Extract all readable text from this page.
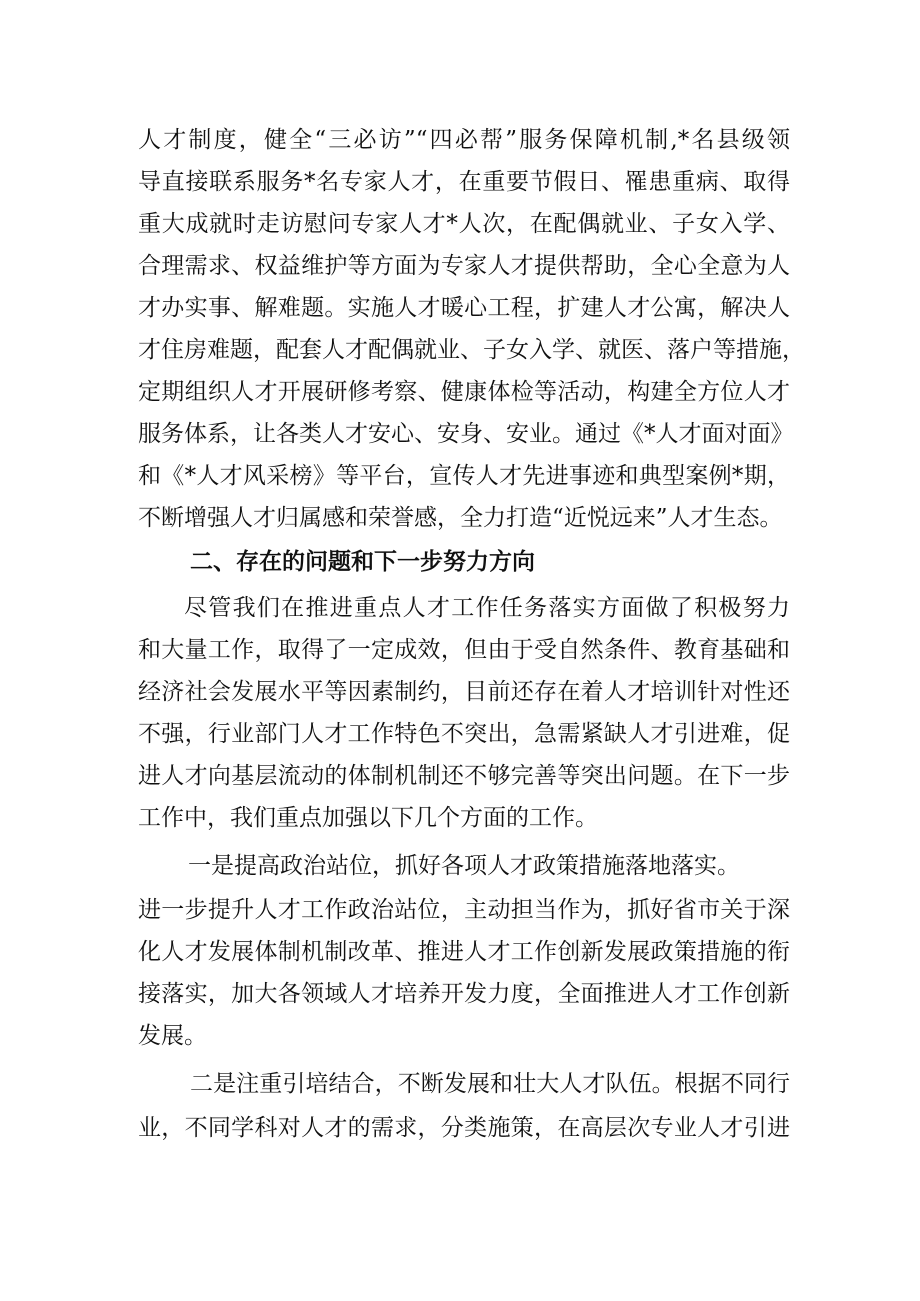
人才制度，健全“三必访”“四必帮”服务保障机制,*名县级领
导直接联系服务*名专家人才，在重要节假日、罹患重病、取得
重大成就时走访慰问专家人才*人次，在配偶就业、子女入学、
合理需求、权益维护等方面为专家人才提供帮助，全心全意为人
才办实事、解难题。实施人才暖心工程，扩建人才公寓，解决人
才住房难题，配套人才配偶就业、子女入学、就医、落户等措施，
定期组织人才开展研修考察、健康体检等活动，构建全方位人才
服务体系，让各类人才安心、安身、安业。通过《*人才面对面》
和《*人才风采榜》等平台，宣传人才先进事迹和典型案例*期，
不断增强人才归属感和荣誉感，全力打造“近悦远来”人才生态。
二、存在的问题和下一步努力方向
尽管我们在推进重点人才工作任务落实方面做了积极努力
和大量工作，取得了一定成效，但由于受自然条件、教育基础和
经济社会发展水平等因素制约，目前还存在着人才培训针对性还
不强，行业部门人才工作特色不突出，急需紧缺人才引进难，促
进人才向基层流动的体制机制还不够完善等突出问题。在下一步
工作中，我们重点加强以下几个方面的工作。
一是提高政治站位，抓好各项人才政策措施落地落实。
进一步提升人才工作政治站位，主动担当作为，抓好省市关于深
化人才发展体制机制改革、推进人才工作创新发展政策措施的衔
接落实，加大各领域人才培养开发力度，全面推进人才工作创新
发展。
二是注重引培结合，不断发展和壮大人才队伍。根据不同行
业，不同学科对人才的需求，分类施策，在高层次专业人才引进
